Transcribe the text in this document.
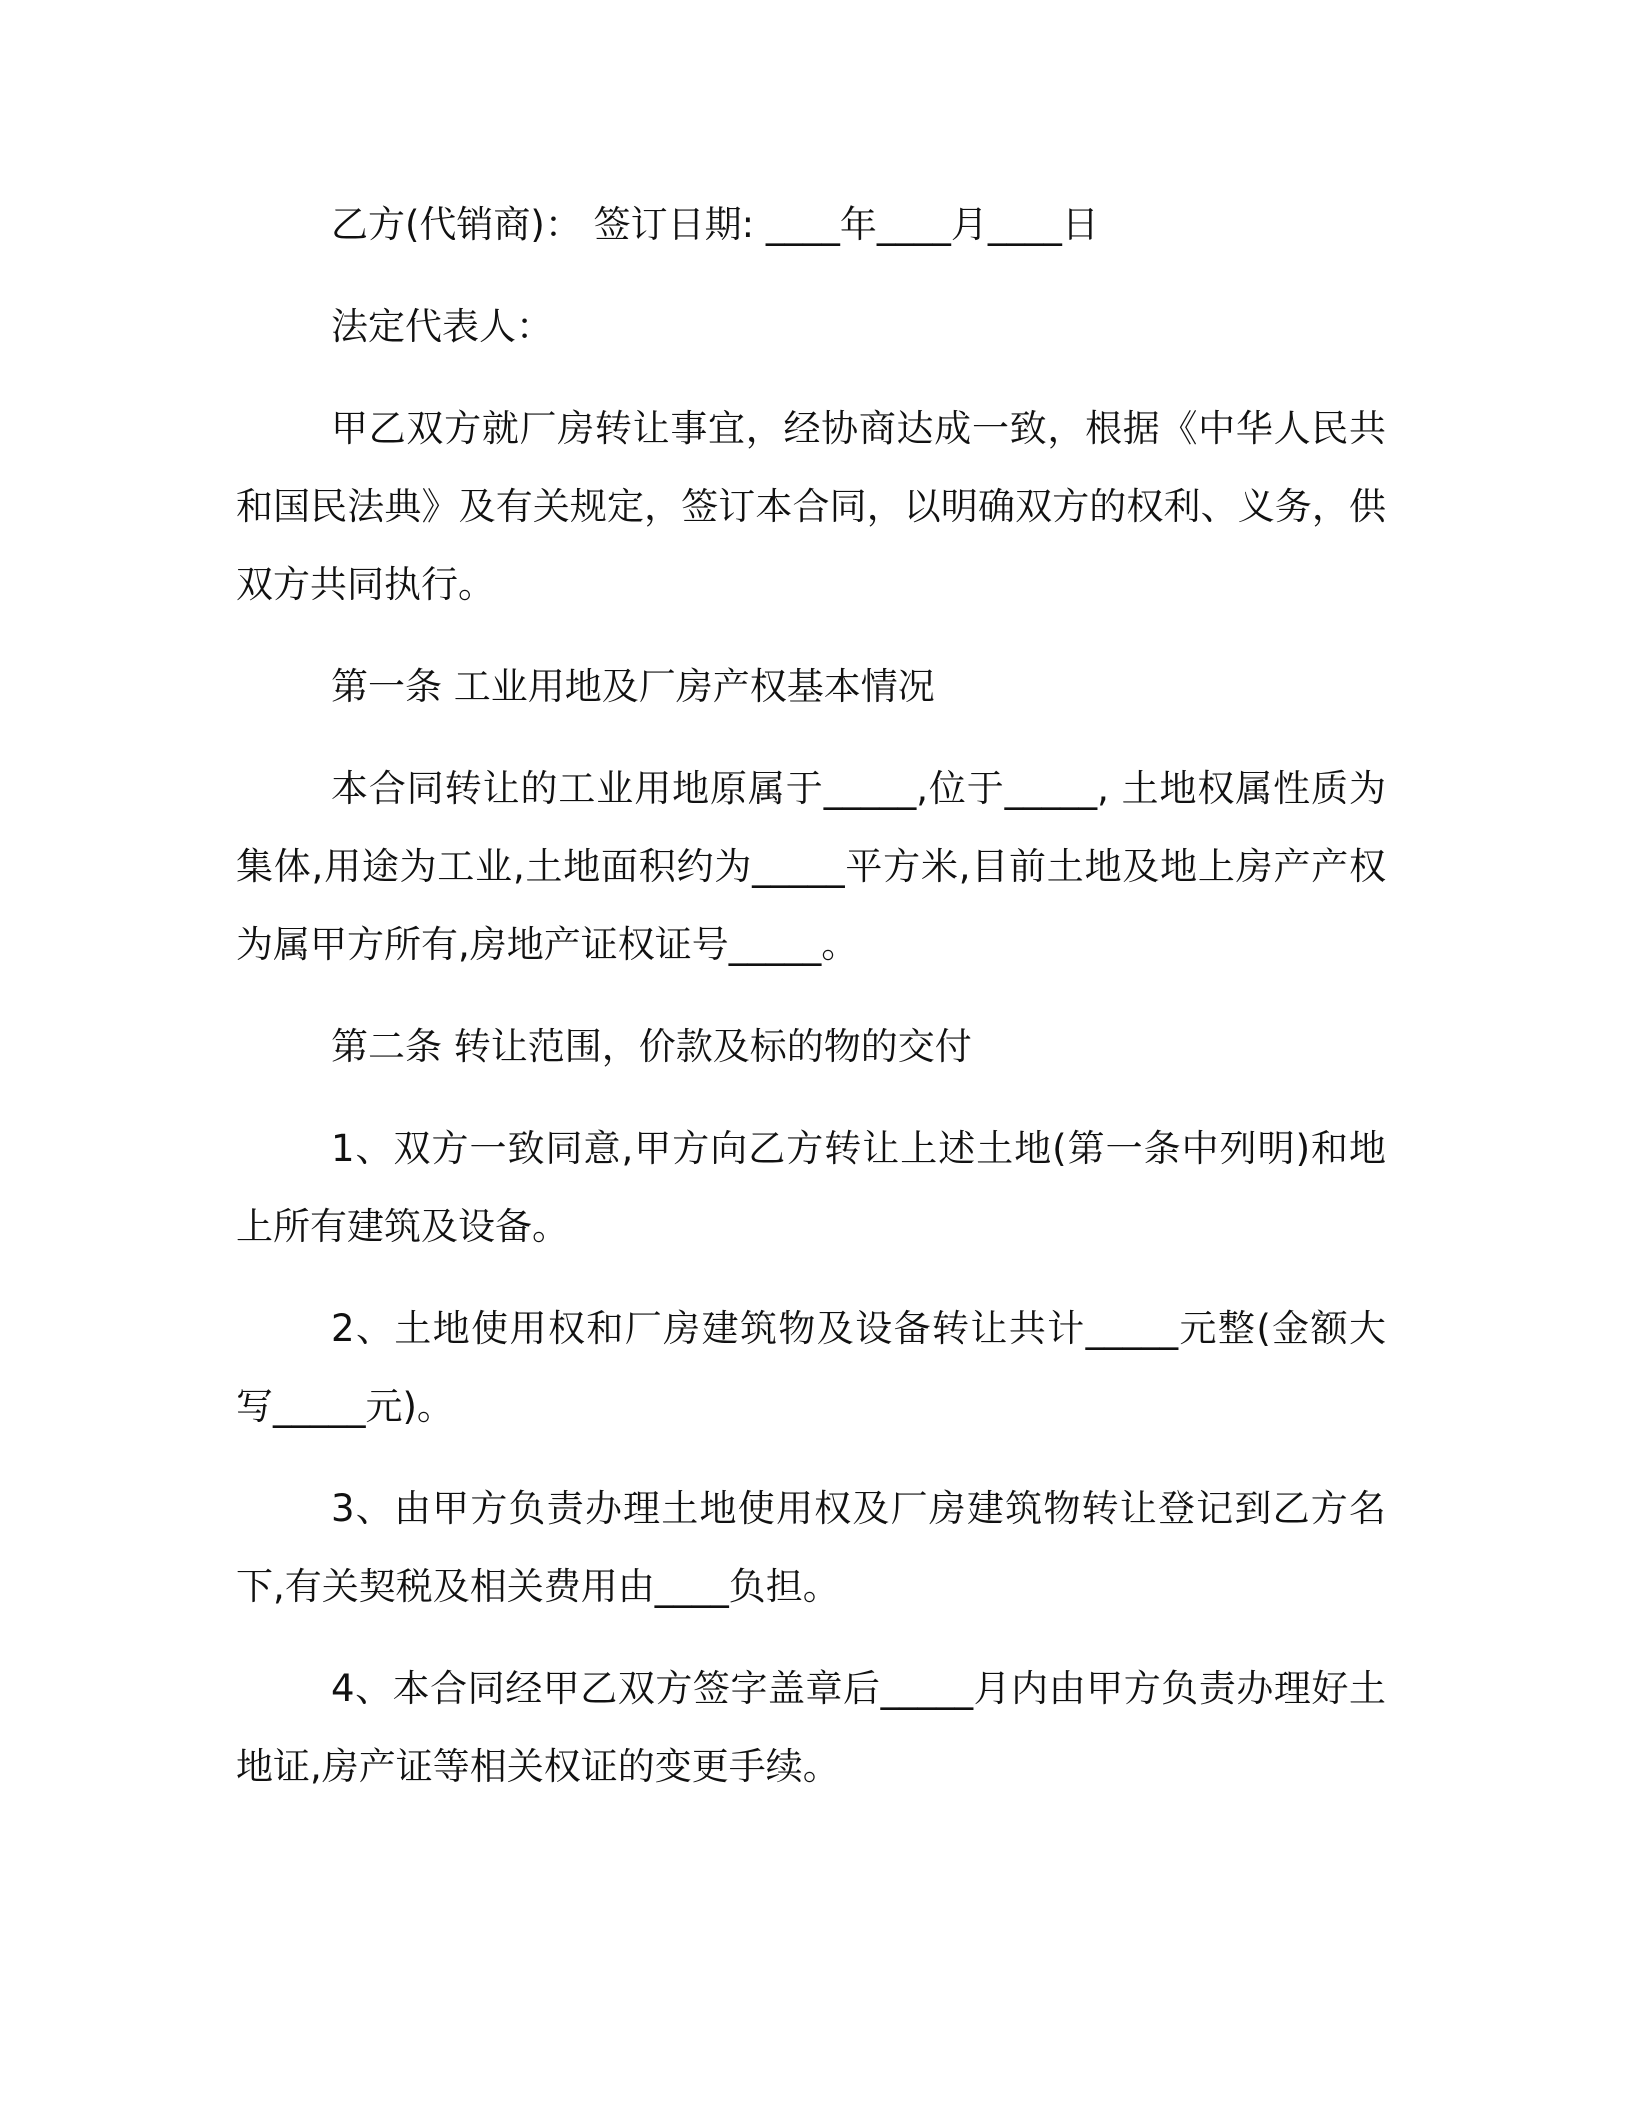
乙方(代销商)： 签订日期: ____年____月____日

法定代表人：

甲乙双方就厂房转让事宜，经协商达成一致，根据《中华人民共和国民法典》及有关规定，签订本合同，以明确双方的权利、义务，供双方共同执行。

第一条 工业用地及厂房产权基本情况

本合同转让的工业用地原属于_____,位于_____, 土地权属性质为集体,用途为工业,土地面积约为_____平方米,目前土地及地上房产产权为属甲方所有,房地产证权证号_____。

第二条 转让范围，价款及标的物的交付

1、双方一致同意,甲方向乙方转让上述土地(第一条中列明)和地上所有建筑及设备。

2、土地使用权和厂房建筑物及设备转让共计_____元整(金额大写_____元)。

3、由甲方负责办理土地使用权及厂房建筑物转让登记到乙方名下,有关契税及相关费用由____负担。

4、本合同经甲乙双方签字盖章后_____月内由甲方负责办理好土地证,房产证等相关权证的变更手续。
